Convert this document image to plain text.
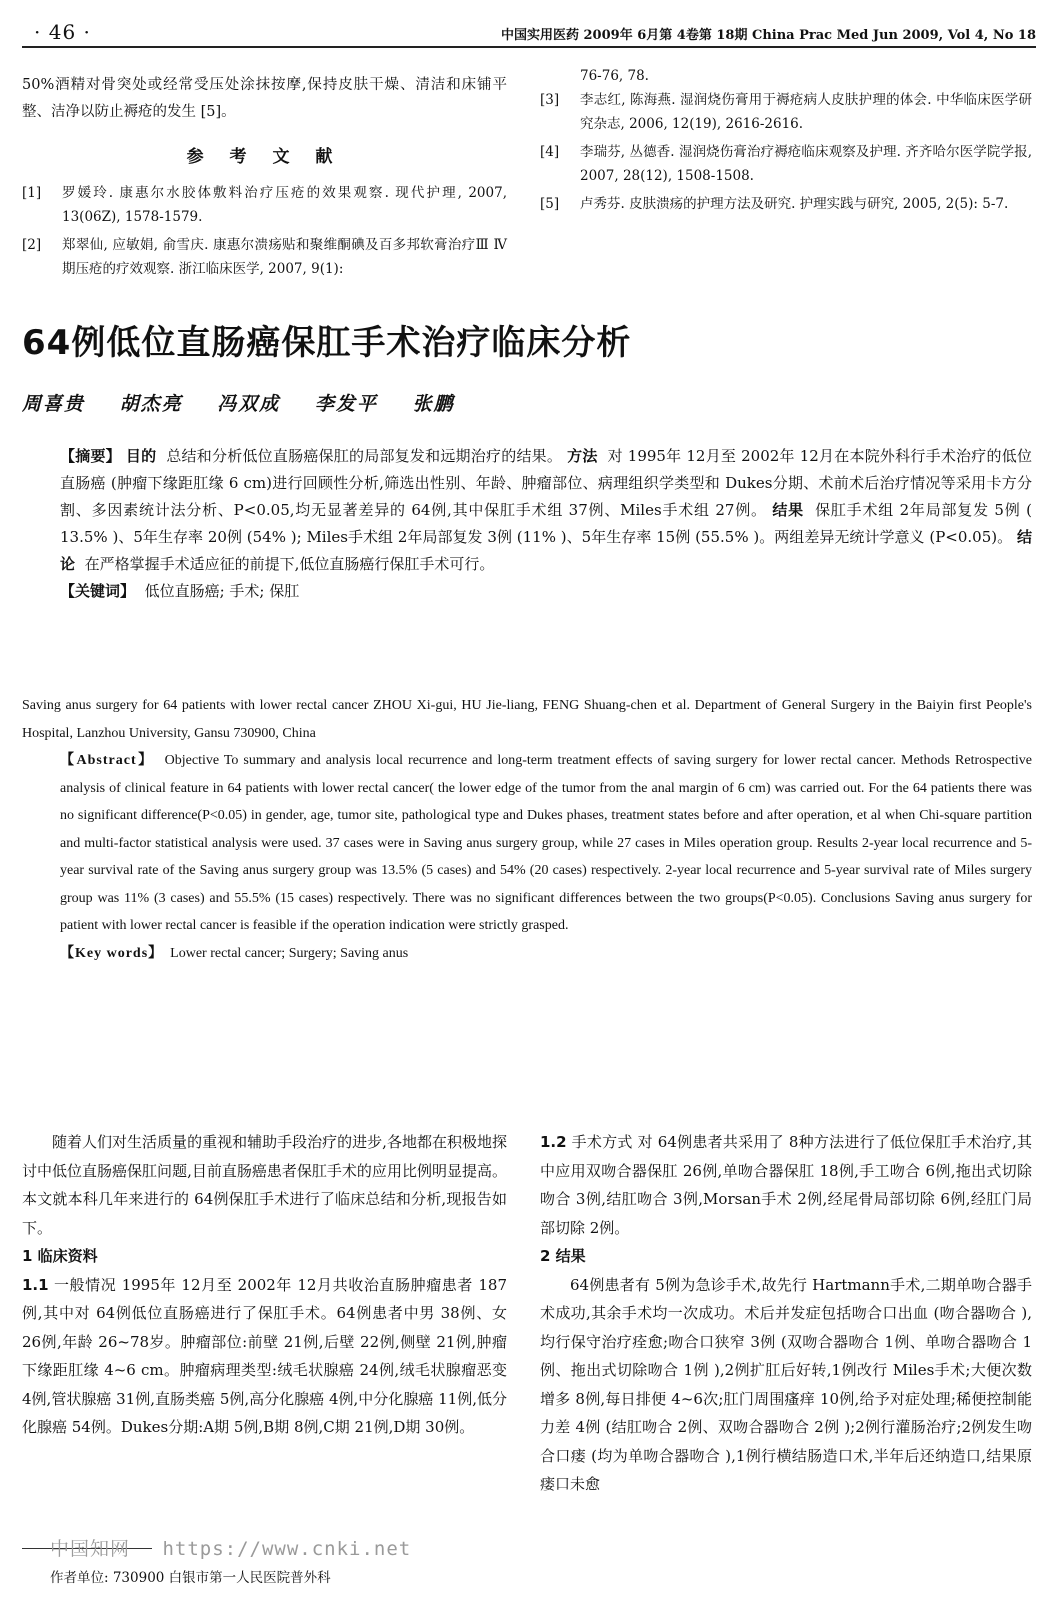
· 46 ·	中国实用医药 2009年 6月第 4卷第 18期 China Prac Med Jun 2009, Vol 4, No 18

50%酒精对骨突处或经常受压处涂抹按摩,保持皮肤干燥、清洁和床铺平整、洁净以防止褥疮的发生 [5]。

参 考 文 献
[1]	罗媛玲. 康惠尔水胶体敷料治疗压疮的效果观察. 现代护理, 2007, 13(06Z), 1578-1579.
[2]	郑翠仙, 应敏娟, 俞雪庆. 康惠尔溃疡贴和聚维酮碘及百多邦软膏治疗Ⅲ Ⅳ期压疮的疗效观察. 浙江临床医学, 2007, 9(1):
76-76, 78.
[3]	李志红, 陈海燕. 湿润烧伤膏用于褥疮病人皮肤护理的体会. 中华临床医学研究杂志, 2006, 12(19), 2616-2616.
[4]	李瑞芬, 丛德香. 湿润烧伤膏治疗褥疮临床观察及护理. 齐齐哈尔医学院学报, 2007, 28(12), 1508-1508.
[5]	卢秀芬. 皮肤溃疡的护理方法及研究. 护理实践与研究, 2005, 2(5): 5-7.
64例低位直肠癌保肛手术治疗临床分析
周喜贵 胡杰亮 冯双成 李发平 张鹏

【摘要】 目的 总结和分析低位直肠癌保肛的局部复发和远期治疗的结果。 方法 对 1995年 12月至 2002年 12月在本院外科行手术治疗的低位直肠癌 (肿瘤下缘距肛缘 6 cm)进行回顾性分析,筛选出性别、年龄、肿瘤部位、病理组织学类型和 Dukes分期、术前术后治疗情况等采用卡方分割、多因素统计法分析、P<0.05,均无显著差异的 64例,其中保肛手术组 37例、Miles手术组 27例。 结果 保肛手术组 2年局部复发 5例 ( 13.5% )、5年生存率 20例 (54% ); Miles手术组 2年局部复发 3例 (11% )、5年生存率 15例 (55.5% )。两组差异无统计学意义 (P<0.05)。 结论 在严格掌握手术适应征的前提下,低位直肠癌行保肛手术可行。

【关键词】 低位直肠癌; 手术; 保肛

Saving anus surgery for 64 patients with lower rectal cancer ZHOU Xi-gui, HU Jie-liang, FENG Shuang-chen et al. Department of General Surgery in the Baiyin first People's Hospital, Lanzhou University, Gansu 730900, China

【Abstract】 Objective To summary and analysis local recurrence and long-term treatment effects of saving surgery for lower rectal cancer. Methods Retrospective analysis of clinical feature in 64 patients with lower rectal cancer( the lower edge of the tumor from the anal margin of 6 cm) was carried out. For the 64 patients there was no significant difference(P<0.05) in gender, age, tumor site, pathological type and Dukes phases, treatment states before and after operation, et al when Chi-square partition and multi-factor statistical analysis were used. 37 cases were in Saving anus surgery group, while 27 cases in Miles operation group. Results 2-year local recurrence and 5-year survival rate of the Saving anus surgery group was 13.5% (5 cases) and 54% (20 cases) respectively. 2-year local recurrence and 5-year survival rate of Miles surgery group was 11% (3 cases) and 55.5% (15 cases) respectively. There was no significant differences between the two groups(P<0.05). Conclusions Saving anus surgery for patient with lower rectal cancer is feasible if the operation indication were strictly grasped.

【Key words】 Lower rectal cancer; Surgery; Saving anus

随着人们对生活质量的重视和辅助手段治疗的进步,各地都在积极地探讨中低位直肠癌保肛问题,目前直肠癌患者保肛手术的应用比例明显提高。本文就本科几年来进行的 64例保肛手术进行了临床总结和分析,现报告如下。

1 临床资料

1.1 一般情况 1995年 12月至 2002年 12月共收治直肠肿瘤患者 187例,其中对 64例低位直肠癌进行了保肛手术。64例患者中男 38例、女 26例,年龄 26~78岁。肿瘤部位:前壁 21例,后壁 22例,侧壁 21例,肿瘤下缘距肛缘 4~6 cm。肿瘤病理类型:绒毛状腺癌 24例,绒毛状腺瘤恶变 4例,管状腺癌 31例,直肠类癌 5例,高分化腺癌 4例,中分化腺癌 11例,低分化腺癌 54例。Dukes分期:A期 5例,B期 8例,C期 21例,D期 30例。

1.2 手术方式 对 64例患者共采用了 8种方法进行了低位保肛手术治疗,其中应用双吻合器保肛 26例,单吻合器保肛 18例,手工吻合 6例,拖出式切除吻合 3例,结肛吻合 3例,Morsan手术 2例,经尾骨局部切除 6例,经肛门局部切除 2例。

2 结果

64例患者有 5例为急诊手术,故先行 Hartmann手术,二期单吻合器手术成功,其余手术均一次成功。术后并发症包括吻合口出血 (吻合器吻合 ),均行保守治疗痊愈;吻合口狭窄 3例 (双吻合器吻合 1例、单吻合器吻合 1例、拖出式切除吻合 1例 ),2例扩肛后好转,1例改行 Miles手术;大便次数增多 8例,每日排便 4~6次;肛门周围瘙痒 10例,给予对症处理;稀便控制能力差 4例 (结肛吻合 2例、双吻合器吻合 2例 );2例行灌肠治疗;2例发生吻合口瘘 (均为单吻合器吻合 ),1例行横结肠造口术,半年后还纳造口,结果原瘘口未愈

中国知网 https://www.cnki.net
作者单位: 730900 白银市第一人民医院普外科
